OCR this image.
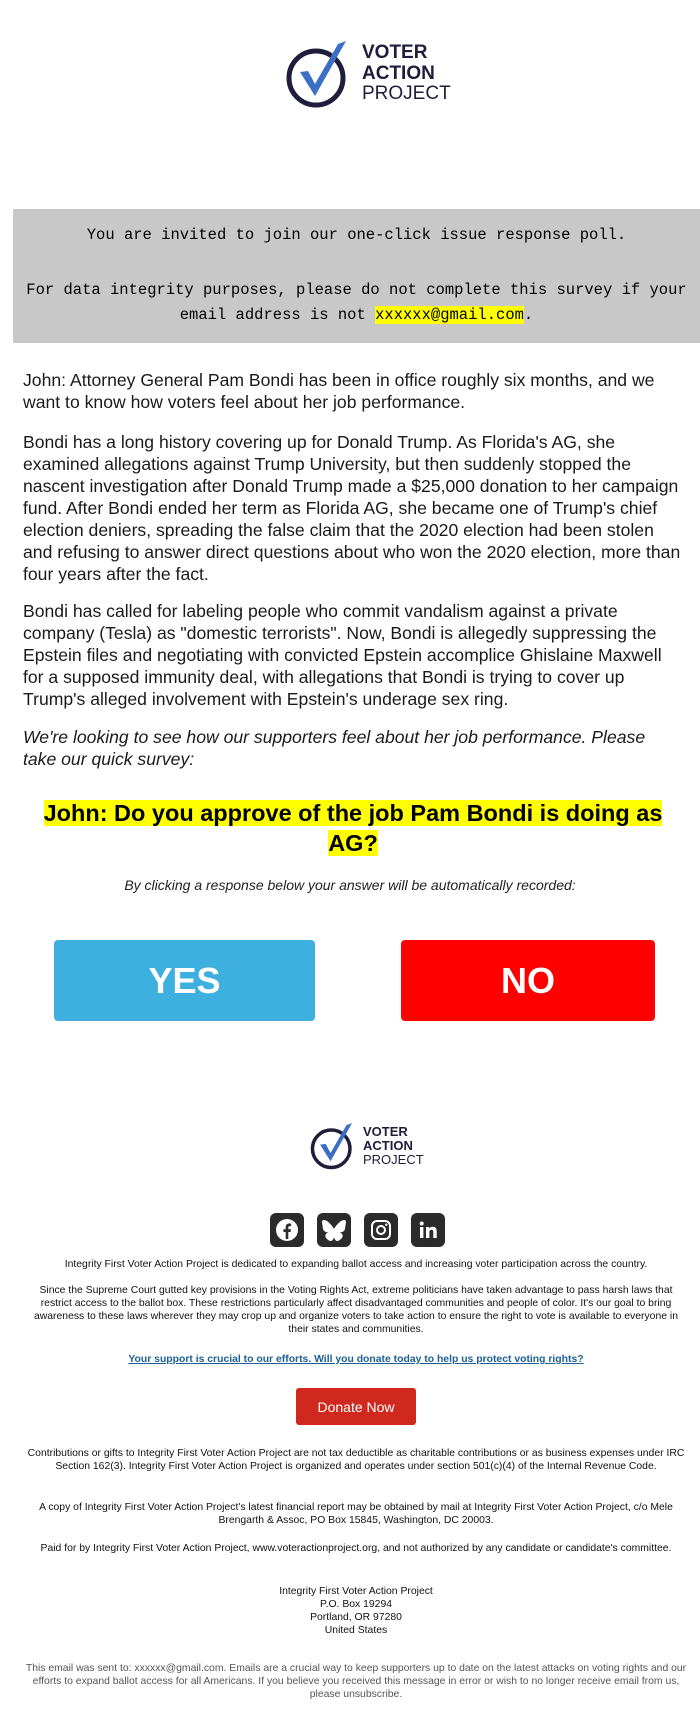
VOTER
ACTION
PROJECT
You are invited to join our one-click issue response poll.
For data integrity purposes, please do not complete this survey if your email address is not xxxxxx@gmail.com.
John: Attorney General Pam Bondi has been in office roughly six months, and we want to know how voters feel about her job performance.
Bondi has a long history covering up for Donald Trump. As Florida's AG, she examined allegations against Trump University, but then suddenly stopped the nascent investigation after Donald Trump made a $25,000 donation to her campaign fund. After Bondi ended her term as Florida AG, she became one of Trump's chief election deniers, spreading the false claim that the 2020 election had been stolen and refusing to answer direct questions about who won the 2020 election, more than four years after the fact.
Bondi has called for labeling people who commit vandalism against a private company (Tesla) as "domestic terrorists". Now, Bondi is allegedly suppressing the Epstein files and negotiating with convicted Epstein accomplice Ghislaine Maxwell for a supposed immunity deal, with allegations that Bondi is trying to cover up Trump's alleged involvement with Epstein's underage sex ring.
We're looking to see how our supporters feel about her job performance. Please take our quick survey:
John: Do you approve of the job Pam Bondi is doing as AG?
By clicking a response below your answer will be automatically recorded:
YES	NO
VOTER
ACTION
PROJECT
Integrity First Voter Action Project is dedicated to expanding ballot access and increasing voter participation across the country.
Since the Supreme Court gutted key provisions in the Voting Rights Act, extreme politicians have taken advantage to pass harsh laws that restrict access to the ballot box. These restrictions particularly affect disadvantaged communities and people of color. It's our goal to bring awareness to these laws wherever they may crop up and organize voters to take action to ensure the right to vote is available to everyone in their states and communities.
Your support is crucial to our efforts. Will you donate today to help us protect voting rights?
Donate Now
Contributions or gifts to Integrity First Voter Action Project are not tax deductible as charitable contributions or as business expenses under IRC Section 162(3). Integrity First Voter Action Project is organized and operates under section 501(c)(4) of the Internal Revenue Code.
A copy of Integrity First Voter Action Project's latest financial report may be obtained by mail at Integrity First Voter Action Project, c/o Mele Brengarth & Assoc, PO Box 15845, Washington, DC 20003.
Paid for by Integrity First Voter Action Project, www.voteractionproject.org, and not authorized by any candidate or candidate's committee.
Integrity First Voter Action Project
P.O. Box 19294
Portland, OR 97280
United States
This email was sent to: xxxxxx@gmail.com. Emails are a crucial way to keep supporters up to date on the latest attacks on voting rights and our efforts to expand ballot access for all Americans. If you believe you received this message in error or wish to no longer receive email from us, please unsubscribe.
